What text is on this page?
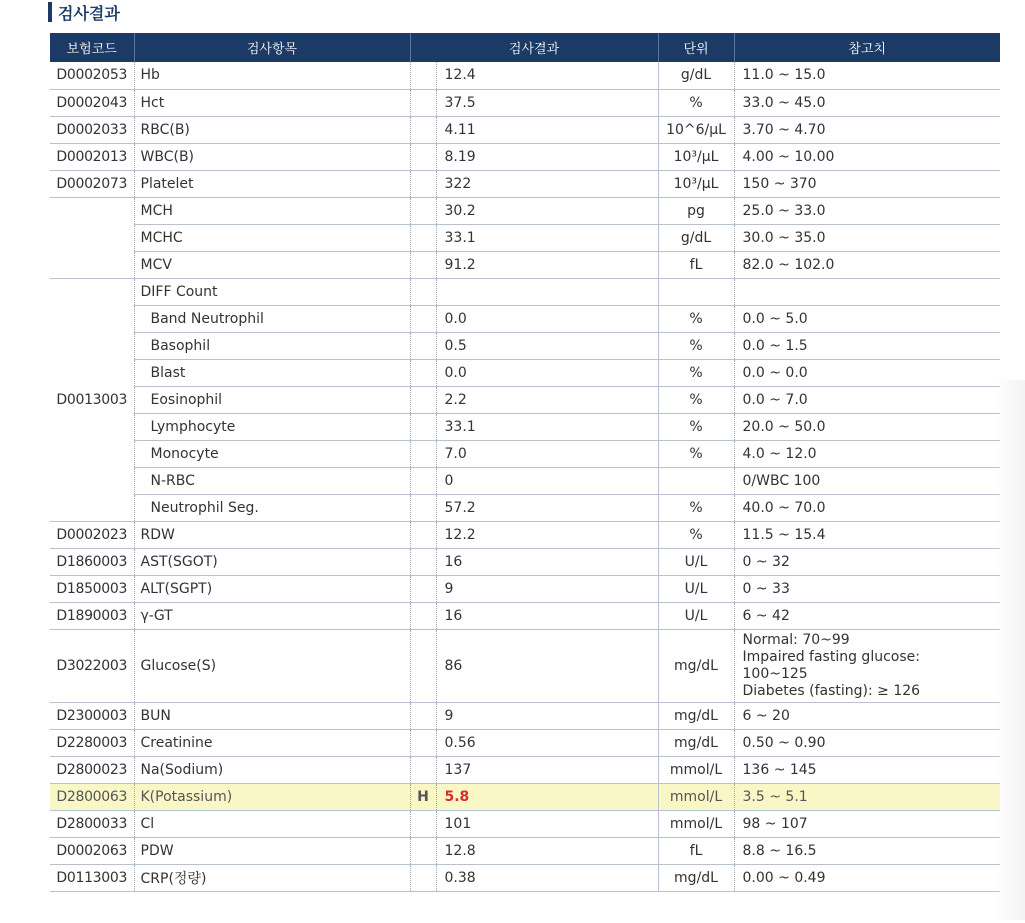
검사결과
보험코드	검사항목	검사결과		단위	참고치
D0002053	Hb		12.4	g/dL	11.0 ~ 15.0
D0002043	Hct		37.5	%	33.0 ~ 45.0
D0002033	RBC(B)		4.11	10^6/μL	3.70 ~ 4.70
D0002013	WBC(B)		8.19	10³/μL	4.00 ~ 10.00
D0002073	Platelet		322	10³/μL	150 ~ 370
	MCH		30.2	pg	25.0 ~ 33.0
	MCHC		33.1	g/dL	30.0 ~ 35.0
	MCV		91.2	fL	82.0 ~ 102.0
D0013003	DIFF Count				
	Band Neutrophil		0.0	%	0.0 ~ 5.0
	Basophil		0.5	%	0.0 ~ 1.5
	Blast		0.0	%	0.0 ~ 0.0
	Eosinophil		2.2	%	0.0 ~ 7.0
	Lymphocyte		33.1	%	20.0 ~ 50.0
	Monocyte		7.0	%	4.0 ~ 12.0
	N-RBC		0		0/WBC 100
	Neutrophil Seg.		57.2	%	40.0 ~ 70.0
D0002023	RDW		12.2	%	11.5 ~ 15.4
D1860003	AST(SGOT)		16	U/L	0 ~ 32
D1850003	ALT(SGPT)		9	U/L	0 ~ 33
D1890003	γ-GT		16	U/L	6 ~ 42
D3022003	Glucose(S)		86	mg/dL	Normal: 70~99
Impaired fasting glucose:
100~125
Diabetes (fasting): ≥ 126

D2300003	BUN		9	mg/dL	6 ~ 20
D2280003	Creatinine		0.56	mg/dL	0.50 ~ 0.90
D2800023	Na(Sodium)		137	mmol/L	136 ~ 145
D2800063	K(Potassium)	H	5.8	mmol/L	3.5 ~ 5.1
D2800033	Cl		101	mmol/L	98 ~ 107
D0002063	PDW		12.8	fL	8.8 ~ 16.5
D0113003	CRP(정량)		0.38	mg/dL	0.00 ~ 0.49
